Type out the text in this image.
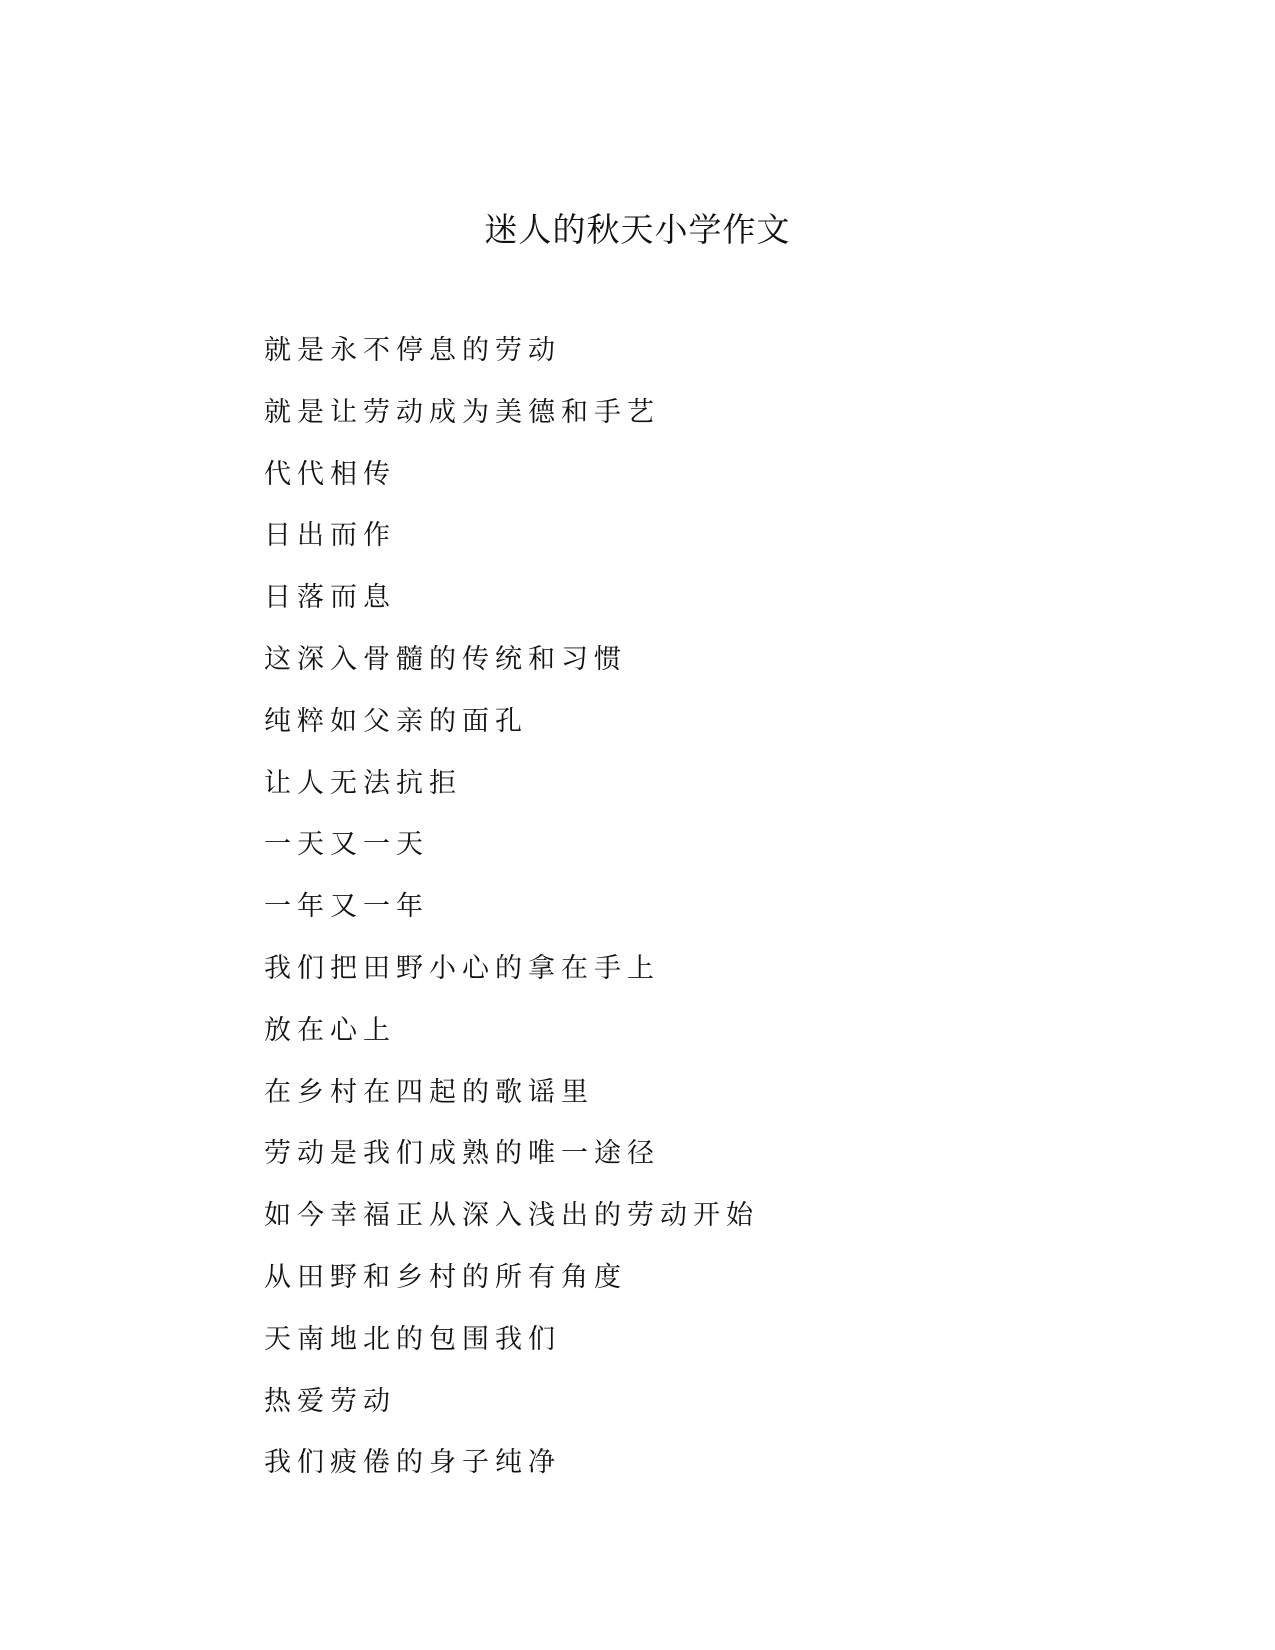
迷人的秋天小学作文
就是永不停息的劳动
就是让劳动成为美德和手艺
代代相传
日出而作
日落而息
这深入骨髓的传统和习惯
纯粹如父亲的面孔
让人无法抗拒
一天又一天
一年又一年
我们把田野小心的拿在手上
放在心上
在乡村在四起的歌谣里
劳动是我们成熟的唯一途径
如今幸福正从深入浅出的劳动开始
从田野和乡村的所有角度
天南地北的包围我们
热爱劳动
我们疲倦的身子纯净
